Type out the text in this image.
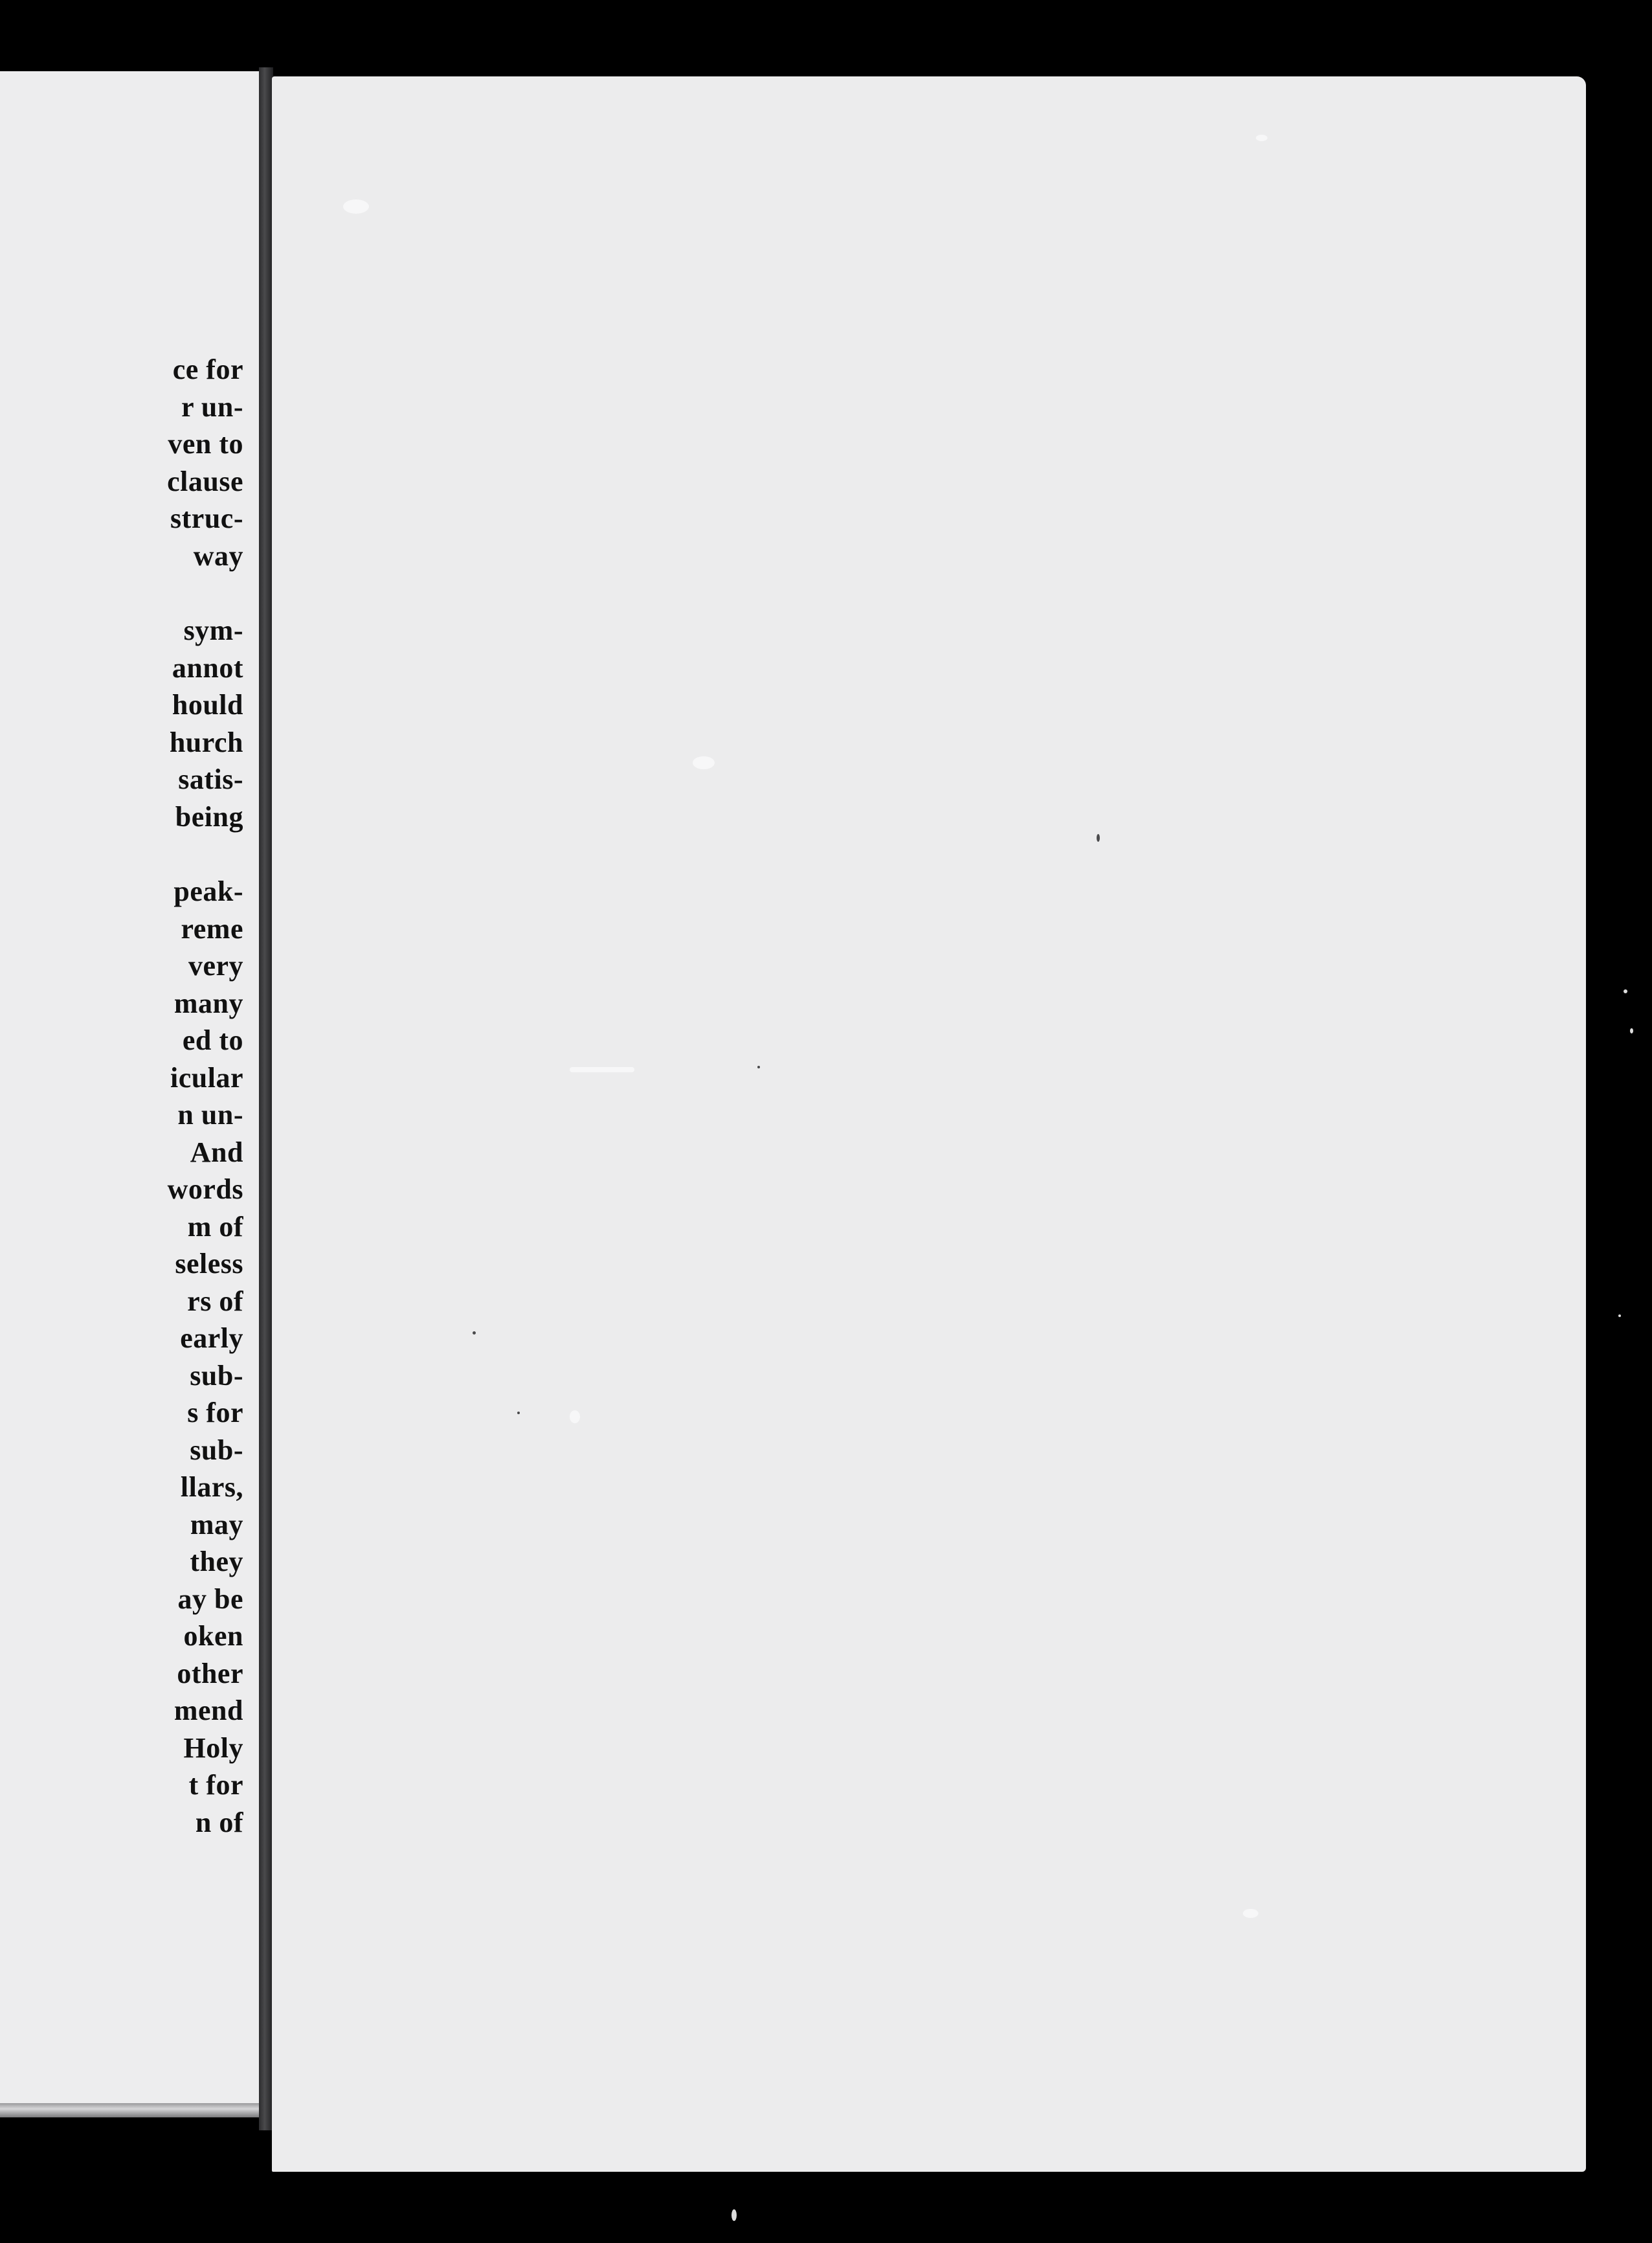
ce for
r un-
ven to
clause
struc-
way
sym-
annot
hould
hurch
satis-
being
peak-
reme
very
many
ed to
icular
n un-
And
words
m of
seless
rs of
early
sub-
s for
sub-
llars,
may
they
ay be
oken
other
mend
Holy
t for
n of
